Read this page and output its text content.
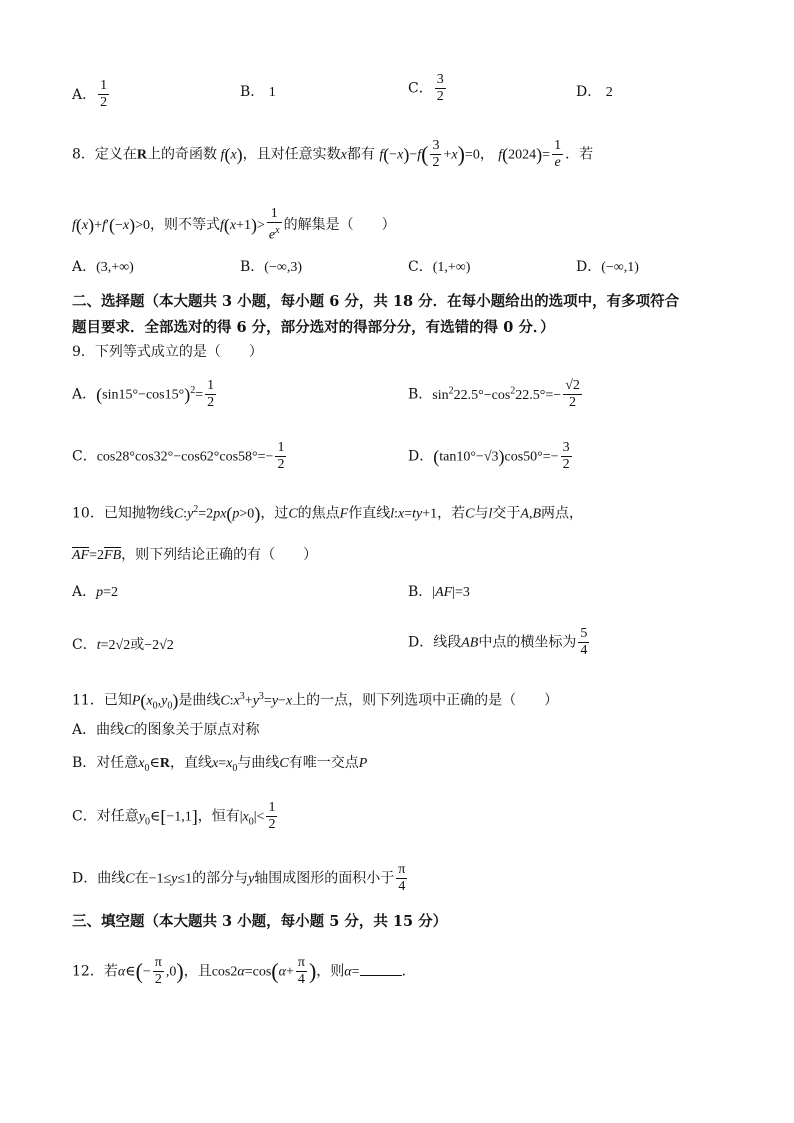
A． $\frac{1}{2}$	B． 1	C． $\frac{3}{2}$	D． 2
8．定义在R上的奇函数 f(x)，且对任意实数x都有 $f(-x)-f( \frac{3}{2} +x)=0$， $f(2024)= \frac{1}{e}$ ．若
f(x)+f′(−x)>0，则不等式$f(x+1)> \frac{1}{e^x}$ 的解集是（　　）
A．(3,+∞)	B．(−∞,3)	C．(1,+∞)	D．(−∞,1)
二、选择题（本大题共 3 小题，每小题 6 分，共 18 分．在每小题给出的选项中，有多项符合
题目要求．全部选对的得 6 分，部分选对的得部分分，有选错的得 0 分．）
9．下列等式成立的是（　　）
A．$(\sin 15^\circ-\cos 15^\circ)^2= \frac{1}{2}$	B．$\sin^222.5^\circ-\cos^222.5^\circ=- \frac{√2}{2}$
C．$\cos 28^\circ\cos 32^\circ-\cos 62^\circ\cos 58^\circ=- \frac{1}{2}$	D．$(\tan 10^\circ-√3)\cos 50^\circ=- \frac{3}{2}$
10．已知抛物线$C:y^2=2px(p>0)$，过C的焦点F作直线l:x=ty+1，若C与l交于A,B两点，
$\overline{AF}=2\overline{FB}$，则下列结论正确的有（　　）
A．p=2	B．|AF|=3
C．t=2√2或−2√2	D．线段AB中点的横坐标为 $\frac{5}{4}$
11．已知$P(x_0,y_0)$是曲线$C:x^3+y^3=y-x$上的一点，则下列选项中正确的是（　　）
A．曲线C的图象关于原点对称
B．对任意$x_0\in R$，直线$x=x_0$与曲线C有唯一交点P
C．对任意$y_0\in[-1,1]$，恒有$|x_0|< \frac{1}{2}$
D．曲线C在−1≤y≤1的部分与y轴围成图形的面积小于 $\frac{\pi}{4}$
三、填空题（本大题共 3 小题，每小题 5 分，共 15 分）
12．若α∈(− $\frac{\pi}{2} ,0$)，且$\cos 2\alpha=\cos(\alpha+ \frac{\pi}{4}$ )，则α=	．
